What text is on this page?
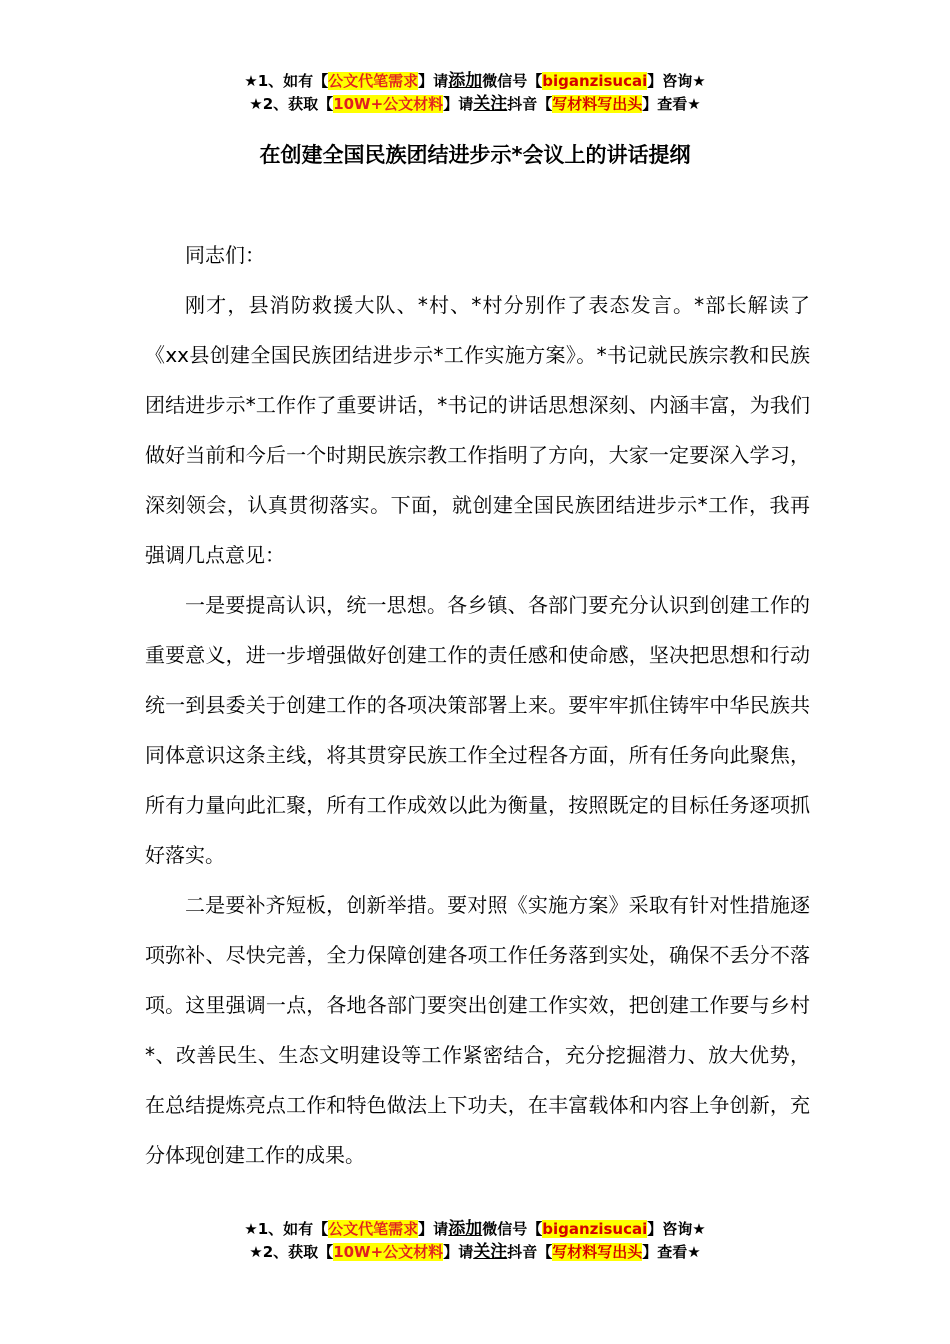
★1、如有【公文代笔需求】请添加微信号【biganzisucai】咨询★
★2、获取【10W+公文材料】请关注抖音【写材料写出头】查看★
在创建全国民族团结进步示*会议上的讲话提纲

同志们：

刚才，县消防救援大队、*村、*村分别作了表态发言。*部长解读了《xx县创建全国民族团结进步示*工作实施方案》。*书记就民族宗教和民族团结进步示*工作作了重要讲话，*书记的讲话思想深刻、内涵丰富，为我们做好当前和今后一个时期民族宗教工作指明了方向，大家一定要深入学习，深刻领会，认真贯彻落实。下面，就创建全国民族团结进步示*工作，我再强调几点意见：

一是要提高认识，统一思想。各乡镇、各部门要充分认识到创建工作的重要意义，进一步增强做好创建工作的责任感和使命感，坚决把思想和行动统一到县委关于创建工作的各项决策部署上来。要牢牢抓住铸牢中华民族共同体意识这条主线，将其贯穿民族工作全过程各方面，所有任务向此聚焦，所有力量向此汇聚，所有工作成效以此为衡量，按照既定的目标任务逐项抓好落实。

二是要补齐短板，创新举措。要对照《实施方案》采取有针对性措施逐项弥补、尽快完善，全力保障创建各项工作任务落到实处，确保不丢分不落项。这里强调一点，各地各部门要突出创建工作实效，把创建工作要与乡村*、改善民生、生态文明建设等工作紧密结合，充分挖掘潜力、放大优势，在总结提炼亮点工作和特色做法上下功夫，在丰富载体和内容上争创新，充分体现创建工作的成果。

★1、如有【公文代笔需求】请添加微信号【biganzisucai】咨询★
★2、获取【10W+公文材料】请关注抖音【写材料写出头】查看★
